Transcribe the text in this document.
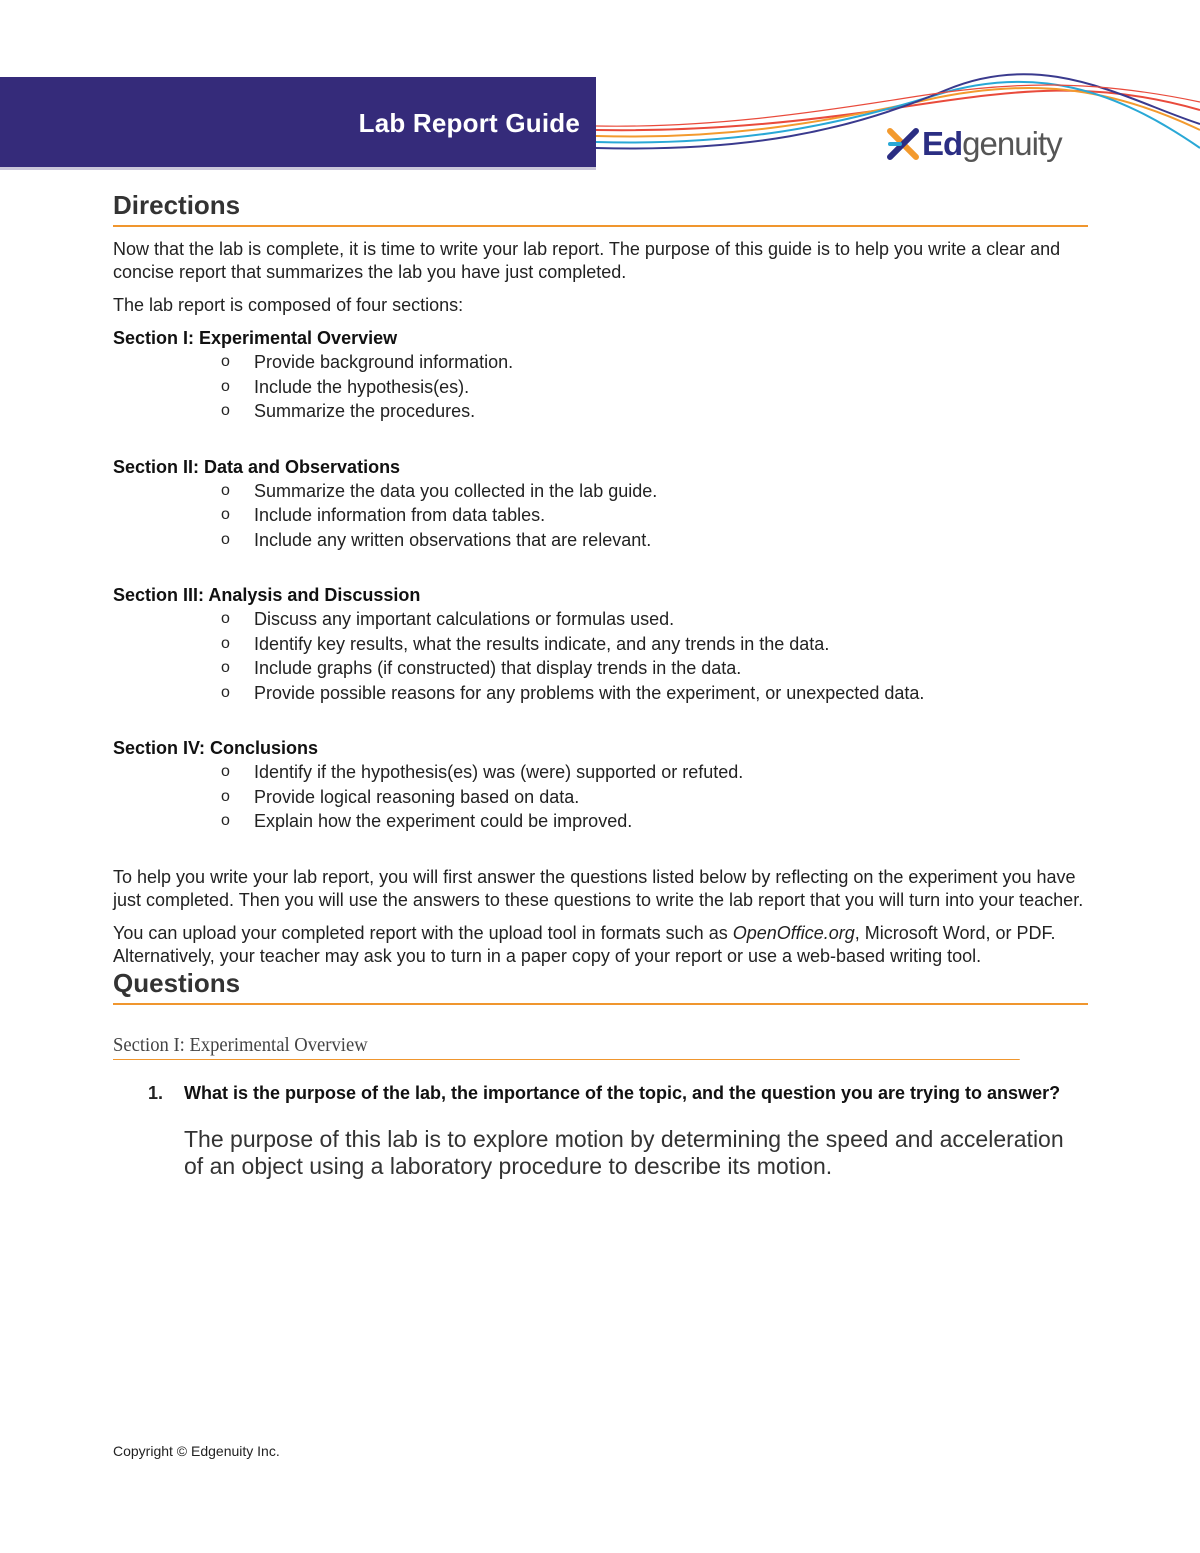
Lab Report Guide
Edgenuity
Directions

Now that the lab is complete, it is time to write your lab report. The purpose of this guide is to help you write a clear and concise report that summarizes the lab you have just completed.

The lab report is composed of four sections:

Section I: Experimental Overview
o Provide background information.
o Include the hypothesis(es).
o Summarize the procedures.
Section II: Data and Observations
o Summarize the data you collected in the lab guide.
o Include information from data tables.
o Include any written observations that are relevant.
Section III: Analysis and Discussion
o Discuss any important calculations or formulas used.
o Identify key results, what the results indicate, and any trends in the data.
o Include graphs (if constructed) that display trends in the data.
o Provide possible reasons for any problems with the experiment, or unexpected data.
Section IV: Conclusions
o Identify if the hypothesis(es) was (were) supported or refuted.
o Provide logical reasoning based on data.
o Explain how the experiment could be improved.

To help you write your lab report, you will first answer the questions listed below by reflecting on the experiment you have just completed. Then you will use the answers to these questions to write the lab report that you will turn into your teacher.

You can upload your completed report with the upload tool in formats such as OpenOffice.org, Microsoft Word, or PDF. Alternatively, your teacher may ask you to turn in a paper copy of your report or use a web-based writing tool.

Questions
Section I: Experimental Overview
1.	What is the purpose of the lab, the importance of the topic, and the question you are trying to answer?
The purpose of this lab is to explore motion by determining the speed and acceleration of an object using a laboratory procedure to describe its motion.
Copyright © Edgenuity Inc.
